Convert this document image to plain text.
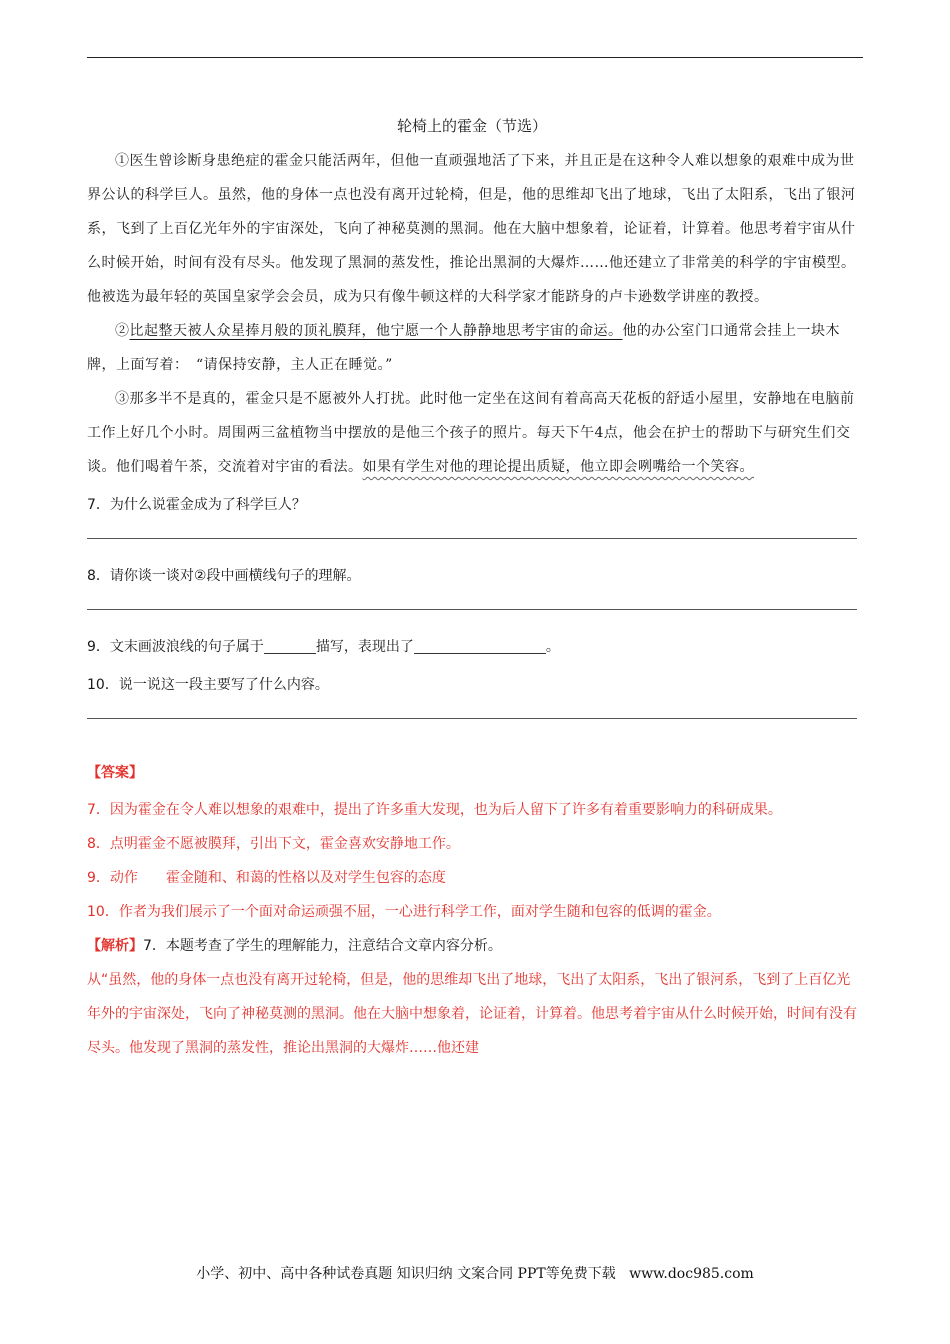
轮椅上的霍金（节选）

①医生曾诊断身患绝症的霍金只能活两年，但他一直顽强地活了下来，并且正是在这种令人难以想象的艰难中成为世界公认的科学巨人。虽然，他的身体一点也没有离开过轮椅，但是，他的思维却飞出了地球，飞出了太阳系，飞出了银河系，飞到了上百亿光年外的宇宙深处，飞向了神秘莫测的黑洞。他在大脑中想象着，论证着，计算着。他思考着宇宙从什么时候开始，时间有没有尽头。他发现了黑洞的蒸发性，推论出黑洞的大爆炸……他还建立了非常美的科学的宇宙模型。他被选为最年轻的英国皇家学会会员，成为只有像牛顿这样的大科学家才能跻身的卢卡逊数学讲座的教授。

②比起整天被人众星捧月般的顶礼膜拜，他宁愿一个人静静地思考宇宙的命运。他的办公室门口通常会挂上一块木牌，上面写着：　“请保持安静，主人正在睡觉。”

③那多半不是真的，霍金只是不愿被外人打扰。此时他一定坐在这间有着高高天花板的舒适小屋里，安静地在电脑前工作上好几个小时。周围两三盆植物当中摆放的是他三个孩子的照片。每天下午4点，他会在护士的帮助下与研究生们交谈。他们喝着午茶，交流着对宇宙的看法。如果有学生对他的理论提出质疑，他立即会咧嘴给一个笑容。

7．为什么说霍金成为了科学巨人？

8．请你谈一谈对②段中画横线句子的理解。

9．文末画波浪线的句子属于	描写，表现出了	。

10．说一说这一段主要写了什么内容。

【答案】

7．因为霍金在令人难以想象的艰难中，提出了许多重大发现，也为后人留下了许多有着重要影响力的科研成果。

8．点明霍金不愿被膜拜，引出下文，霍金喜欢安静地工作。

9．动作 霍金随和、和蔼的性格以及对学生包容的态度

10．作者为我们展示了一个面对命运顽强不屈，一心进行科学工作，面对学生随和包容的低调的霍金。

【解析】7．本题考查了学生的理解能力，注意结合文章内容分析。

从“虽然，他的身体一点也没有离开过轮椅，但是，他的思维却飞出了地球，飞出了太阳系，飞出了银河系，飞到了上百亿光年外的宇宙深处，飞向了神秘莫测的黑洞。他在大脑中想象着，论证着，计算着。他思考着宇宙从什么时候开始，时间有没有尽头。他发现了黑洞的蒸发性，推论出黑洞的大爆炸……他还建

小学、初中、高中各种试卷真题 知识归纳 文案合同 PPT等免费下载 www.doc985.com
